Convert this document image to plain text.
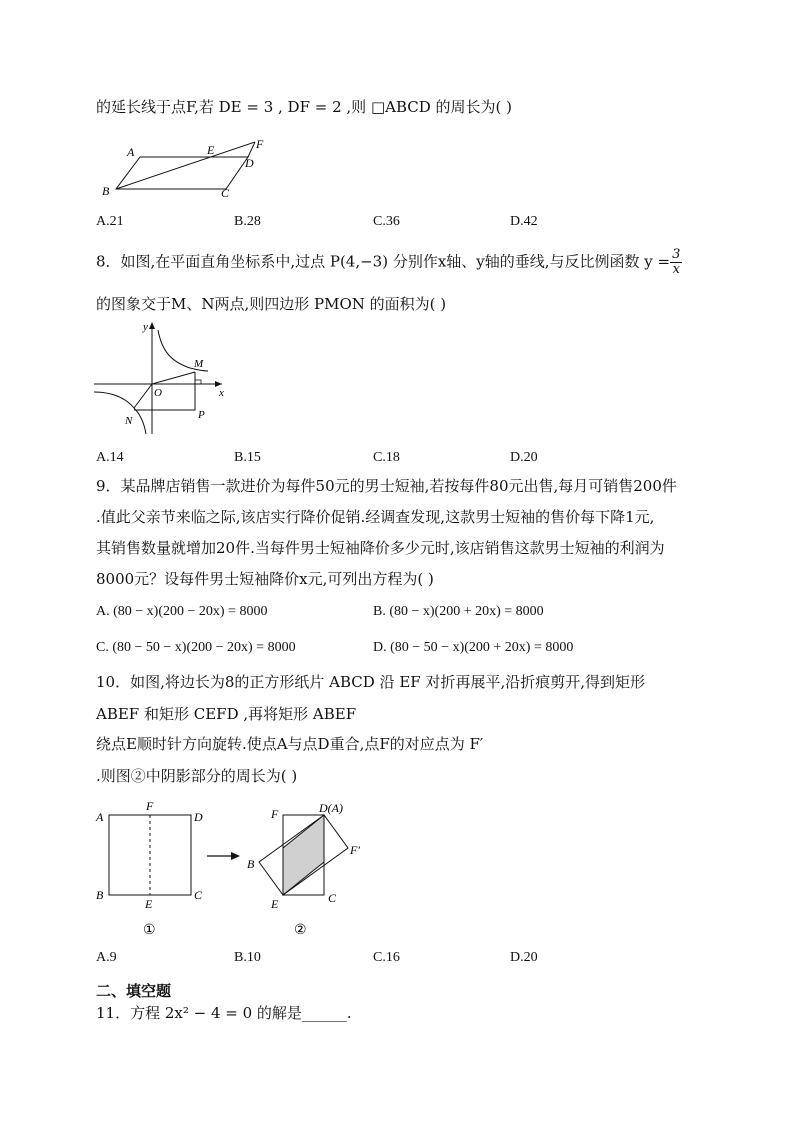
的延长线于点F,若 DE = 3 , DF = 2 ,则 □ABCD 的周长为( )
A	E	F
D
B	C
A.21	B.28	C.36	D.42
8．如图,在平面直角坐标系中,过点 P(4,−3) 分别作x轴、y轴的垂线,与反比例函数 $y = \frac{3}{x}$
的图象交于M、N两点,则四边形 PMON 的面积为( )
y
M
O	x
N	P
A.14	B.15	C.18	D.20
9．某品牌店销售一款进价为每件50元的男士短袖,若按每件80元出售,每月可销售200件
.值此父亲节来临之际,该店实行降价促销.经调查发现,这款男士短袖的售价每下降1元,
其销售数量就增加20件.当每件男士短袖降价多少元时,该店销售这款男士短袖的利润为
8000元？设每件男士短袖降价x元,可列出方程为( )
A. (80 − x)(200 − 20x) = 8000	B. (80 − x)(200 + 20x) = 8000
C. (80 − 50 − x)(200 − 20x) = 8000	D. (80 − 50 − x)(200 + 20x) = 8000
10．如图,将边长为8的正方形纸片 ABCD 沿 EF 对折再展平,沿折痕剪开,得到矩形
ABEF 和矩形 CEFD ,再将矩形 ABEF
绕点E顺时针方向旋转.使点A与点D重合,点F的对应点为 F′
.则图②中阴影部分的周长为( )
A
F
D
B
E
C
①
F	D(A)
F′
B
E	C
②
A.9	B.10	C.16	D.20
二、填空题
11．方程 2x² − 4 = 0 的解是______.
